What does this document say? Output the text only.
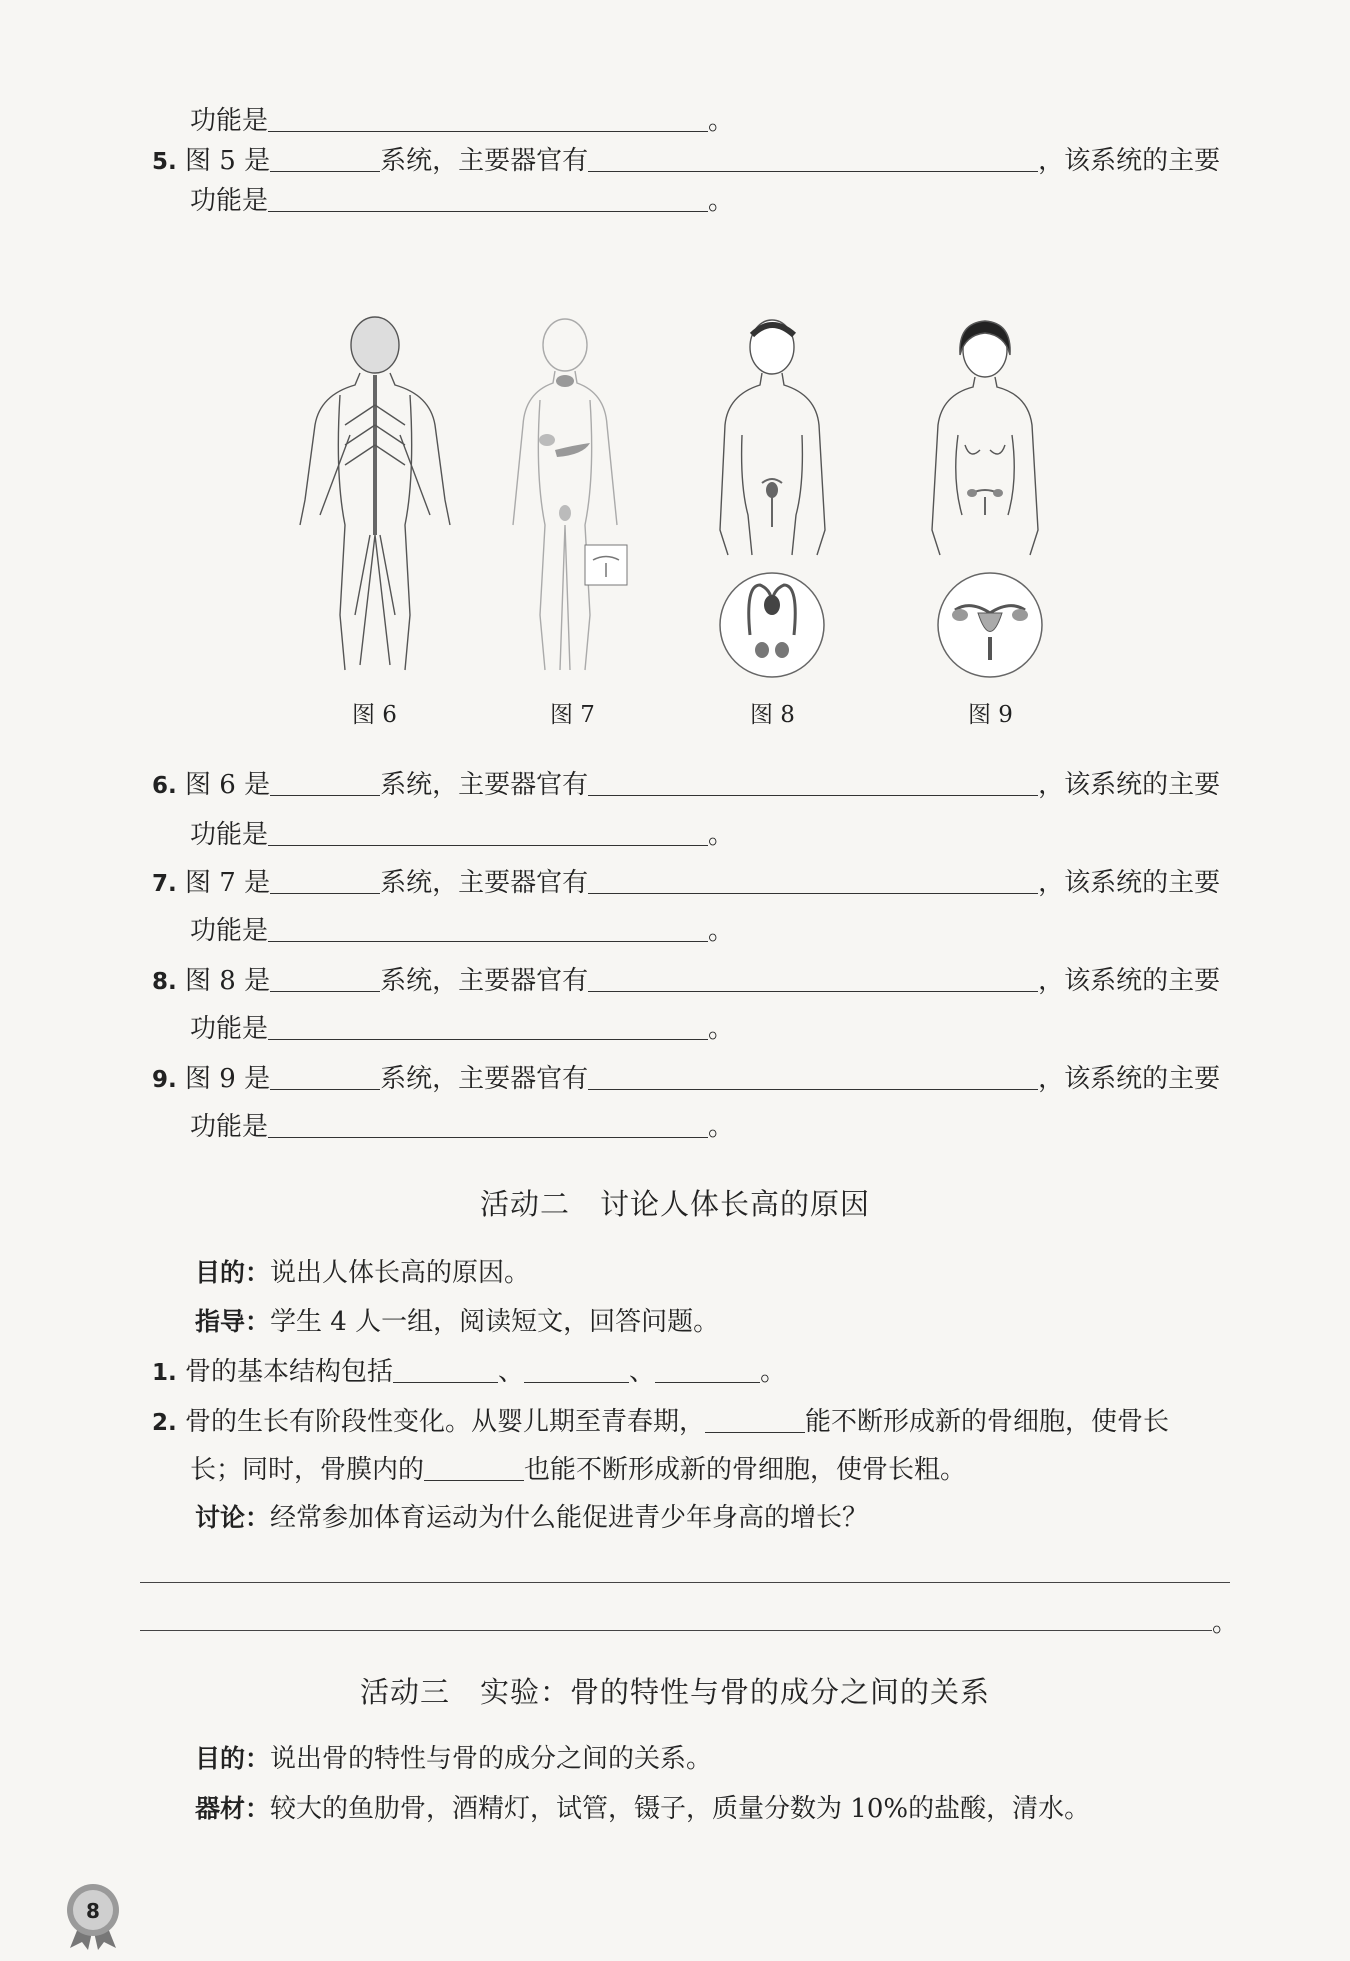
功能是	。
5. 图 5 是	系统，主要器官有	，该系统的主要
功能是	。
图 6	图 7	图 8	图 9
6. 图 6 是	系统，主要器官有	，该系统的主要
功能是	。
7. 图 7 是	系统，主要器官有	，该系统的主要
功能是	。
8. 图 8 是	系统，主要器官有	，该系统的主要
功能是	。
9. 图 9 是	系统，主要器官有	，该系统的主要
功能是	。
活动二　讨论人体长高的原因
目的：说出人体长高的原因。
指导：学生 4 人一组，阅读短文，回答问题。
1. 骨的基本结构包括	、	、	。
2. 骨的生长有阶段性变化。从婴儿期至青春期，	能不断形成新的骨细胞，使骨长
长；同时，骨膜内的	也能不断形成新的骨细胞，使骨长粗。
讨论：经常参加体育运动为什么能促进青少年身高的增长？
。
活动三　实验：骨的特性与骨的成分之间的关系
目的：说出骨的特性与骨的成分之间的关系。
器材：较大的鱼肋骨，酒精灯，试管，镊子，质量分数为 10%的盐酸，清水。
8
